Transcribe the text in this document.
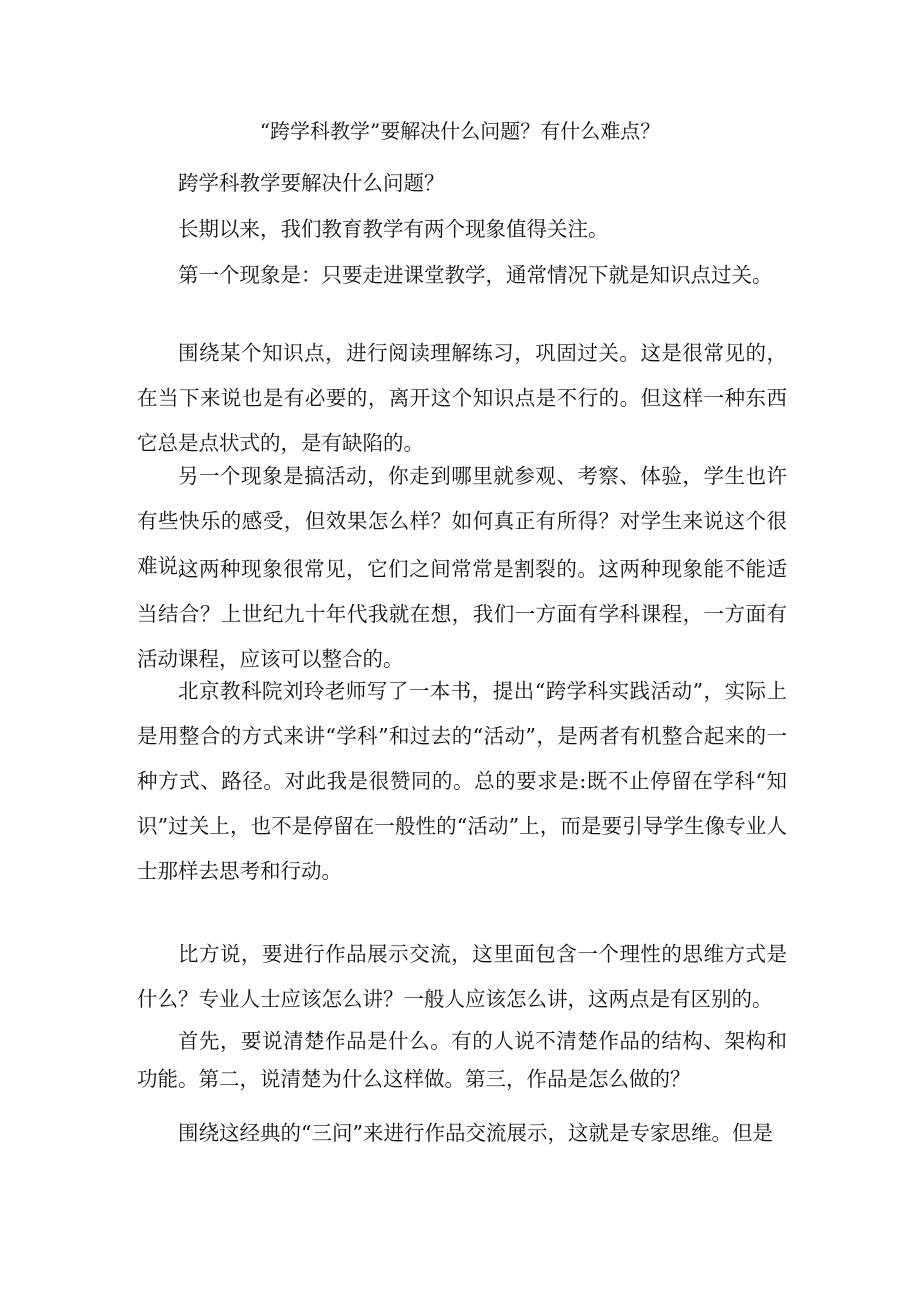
“跨学科教学”要解决什么问题？有什么难点？

跨学科教学要解决什么问题？

长期以来，我们教育教学有两个现象值得关注。

第一个现象是：只要走进课堂教学，通常情况下就是知识点过关。

围绕某个知识点，进行阅读理解练习，巩固过关。这是很常见的，在当下来说也是有必要的，离开这个知识点是不行的。但这样一种东西它总是点状式的，是有缺陷的。

另一个现象是搞活动，你走到哪里就参观、考察、体验，学生也许有些快乐的感受，但效果怎么样？如何真正有所得？对学生来说这个很难说。

这两种现象很常见，它们之间常常是割裂的。这两种现象能不能适当结合？上世纪九十年代我就在想，我们一方面有学科课程，一方面有活动课程，应该可以整合的。

北京教科院刘玲老师写了一本书，提出“跨学科实践活动”，实际上是用整合的方式来讲“学科”和过去的“活动”，是两者有机整合起来的一种方式、路径。对此我是很赞同的。总的要求是:既不止停留在学科“知识”过关上，也不是停留在一般性的“活动”上，而是要引导学生像专业人士那样去思考和行动。

比方说，要进行作品展示交流，这里面包含一个理性的思维方式是什么？专业人士应该怎么讲？一般人应该怎么讲，这两点是有区别的。

首先，要说清楚作品是什么。有的人说不清楚作品的结构、架构和功能。第二，说清楚为什么这样做。第三，作品是怎么做的？

围绕这经典的“三问”来进行作品交流展示，这就是专家思维。但是
